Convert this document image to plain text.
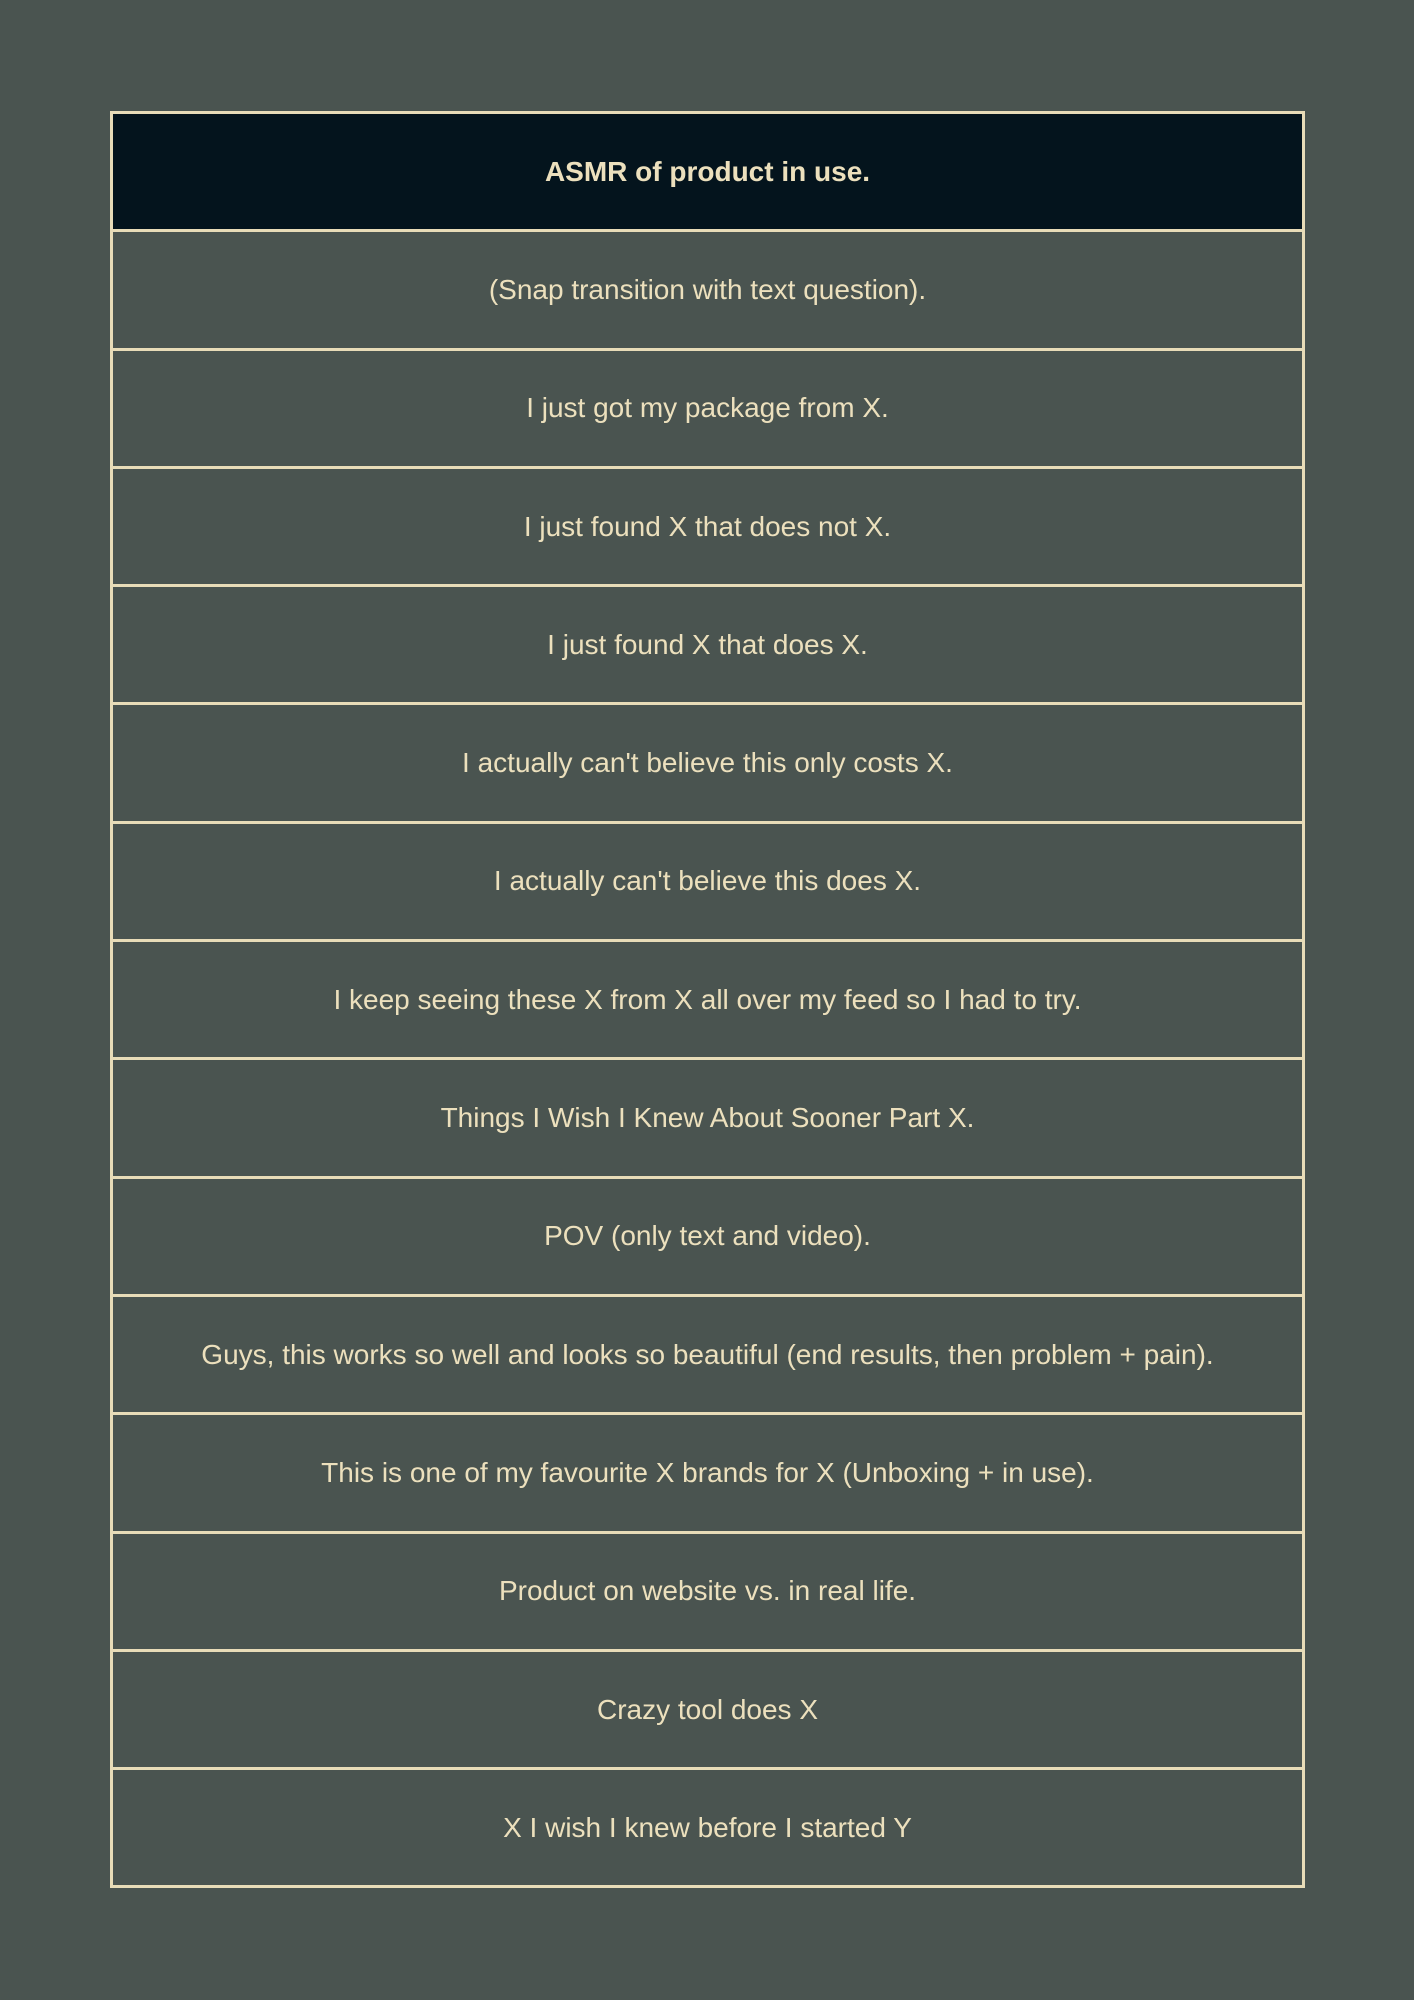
ASMR of product in use.
(Snap transition with text question).
I just got my package from X.
I just found X that does not X.
I just found X that does X.
I actually can't believe this only costs X.
I actually can't believe this does X.
I keep seeing these X from X all over my feed so I had to try.
Things I Wish I Knew About Sooner Part X.
POV (only text and video).
Guys, this works so well and looks so beautiful (end results, then problem + pain).
This is one of my favourite X brands for X (Unboxing + in use).
Product on website vs. in real life.
Crazy tool does X
X I wish I knew before I started Y
